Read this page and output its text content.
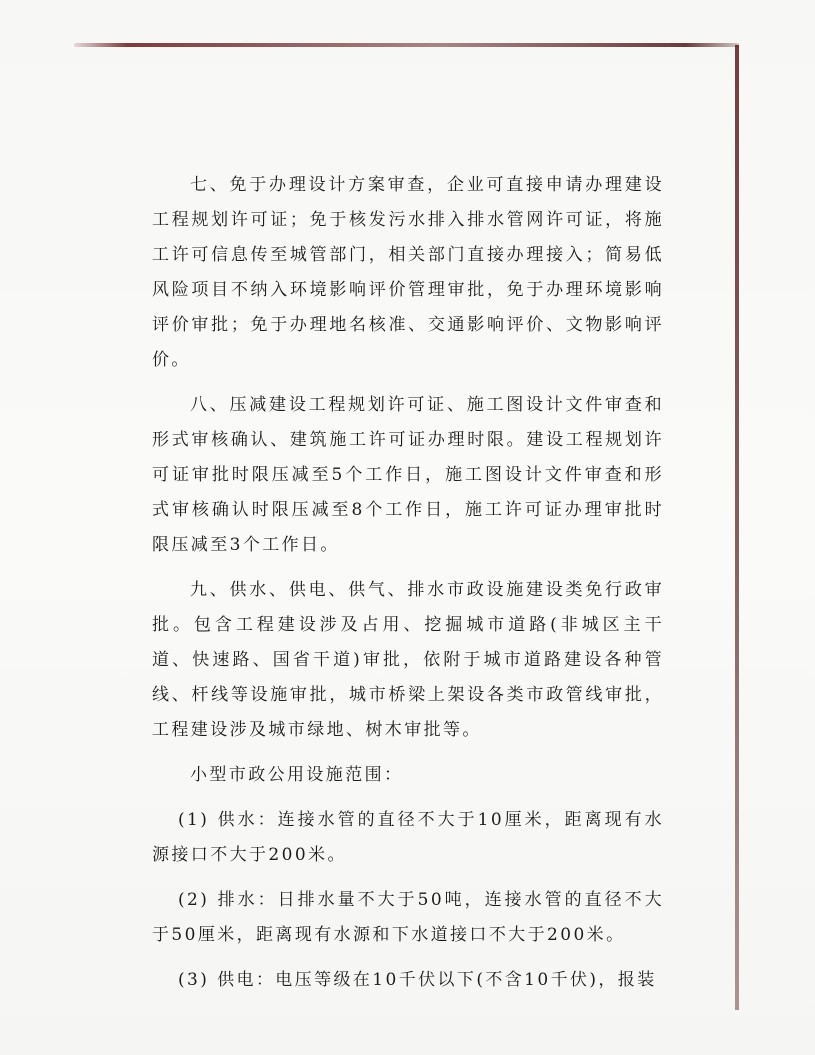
七、免于办理设计方案审查，企业可直接申请办理建设工程规划许可证；免于核发污水排入排水管网许可证，将施工许可信息传至城管部门，相关部门直接办理接入；简易低风险项目不纳入环境影响评价管理审批，免于办理环境影响评价审批；免于办理地名核准、交通影响评价、文物影响评价。

八、压减建设工程规划许可证、施工图设计文件审查和形式审核确认、建筑施工许可证办理时限。建设工程规划许可证审批时限压减至5个工作日，施工图设计文件审查和形式审核确认时限压减至8个工作日，施工许可证办理审批时限压减至3个工作日。

九、供水、供电、供气、排水市政设施建设类免行政审批。包含工程建设涉及占用、挖掘城市道路(非城区主干道、快速路、国省干道)审批，依附于城市道路建设各种管线、杆线等设施审批，城市桥梁上架设各类市政管线审批，工程建设涉及城市绿地、树木审批等。

小型市政公用设施范围：

(1) 供水：连接水管的直径不大于10厘米，距离现有水源接口不大于200米。

(2) 排水：日排水量不大于50吨，连接水管的直径不大于50厘米，距离现有水源和下水道接口不大于200米。

(3) 供电：电压等级在10千伏以下(不含10千伏)，报装
